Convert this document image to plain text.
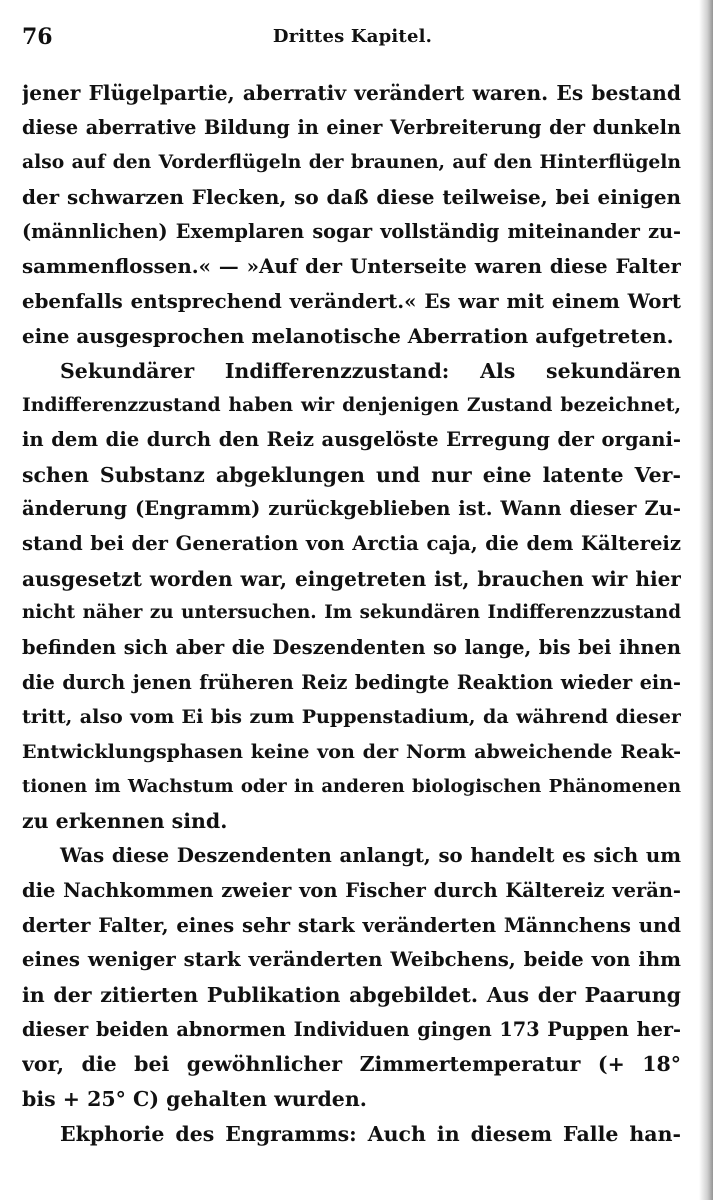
76	Drittes Kapitel.
jener Flügelpartie, aberrativ verändert waren. Es bestand
diese aberrative Bildung in einer Verbreiterung der dunkeln
also auf den Vorderflügeln der braunen, auf den Hinterflügeln
der schwarzen Flecken, so daß diese teilweise, bei einigen
(männlichen) Exemplaren sogar vollständig miteinander zu-
sammenflossen.« — »Auf der Unterseite waren diese Falter
ebenfalls entsprechend verändert.« Es war mit einem Wort
eine ausgesprochen melanotische Aberration aufgetreten.
Sekundärer Indifferenzzustand: Als sekundären
Indifferenzzustand haben wir denjenigen Zustand bezeichnet,
in dem die durch den Reiz ausgelöste Erregung der organi-
schen Substanz abgeklungen und nur eine latente Ver-
änderung (Engramm) zurückgeblieben ist. Wann dieser Zu-
stand bei der Generation von Arctia caja, die dem Kältereiz
ausgesetzt worden war, eingetreten ist, brauchen wir hier
nicht näher zu untersuchen. Im sekundären Indifferenzzustand
befinden sich aber die Deszendenten so lange, bis bei ihnen
die durch jenen früheren Reiz bedingte Reaktion wieder ein-
tritt, also vom Ei bis zum Puppenstadium, da während dieser
Entwicklungsphasen keine von der Norm abweichende Reak-
tionen im Wachstum oder in anderen biologischen Phänomenen
zu erkennen sind.
Was diese Deszendenten anlangt, so handelt es sich um
die Nachkommen zweier von Fischer durch Kältereiz verän-
derter Falter, eines sehr stark veränderten Männchens und
eines weniger stark veränderten Weibchens, beide von ihm
in der zitierten Publikation abgebildet. Aus der Paarung
dieser beiden abnormen Individuen gingen 173 Puppen her-
vor, die bei gewöhnlicher Zimmertemperatur (+ 18°
bis + 25° C) gehalten wurden.
Ekphorie des Engramms: Auch in diesem Falle han-
